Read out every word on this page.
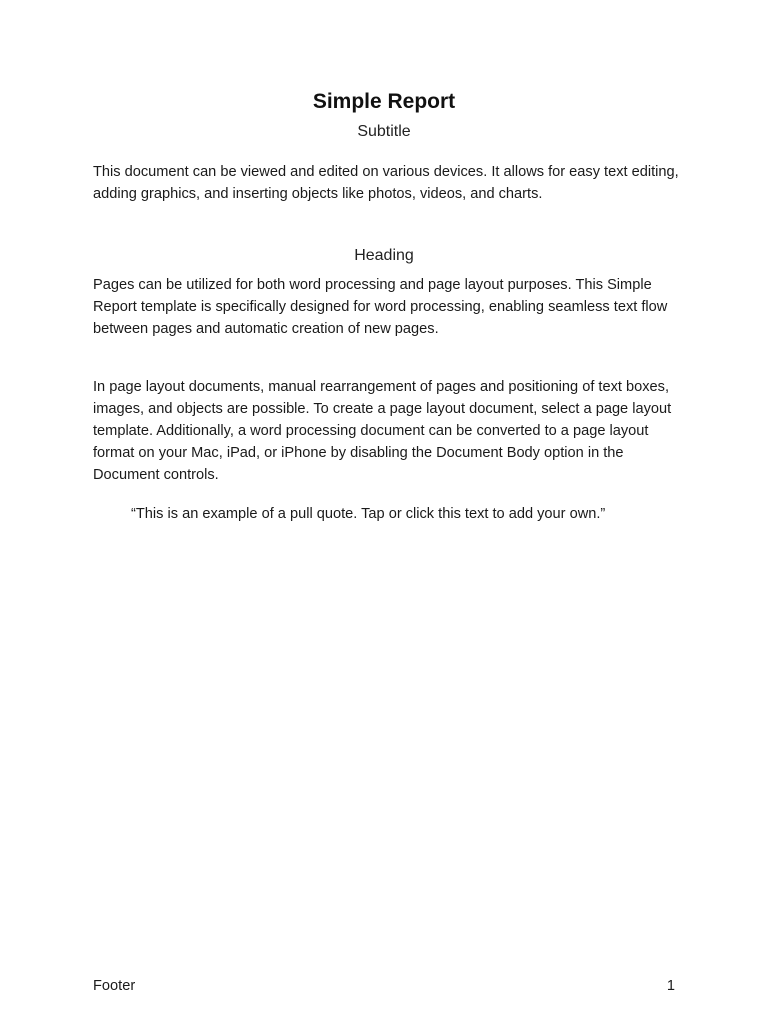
Simple Report
Subtitle

This document can be viewed and edited on various devices. It allows for easy text editing, adding graphics, and inserting objects like photos, videos, and charts.

Heading

Pages can be utilized for both word processing and page layout purposes. This Simple Report template is specifically designed for word processing, enabling seamless text flow between pages and automatic creation of new pages.

In page layout documents, manual rearrangement of pages and positioning of text boxes, images, and objects are possible. To create a page layout document, select a page layout template. Additionally, a word processing document can be converted to a page layout format on your Mac, iPad, or iPhone by disabling the Document Body option in the Document controls.

“This is an example of a pull quote. Tap or click this text to add your own.”

Footer	1
